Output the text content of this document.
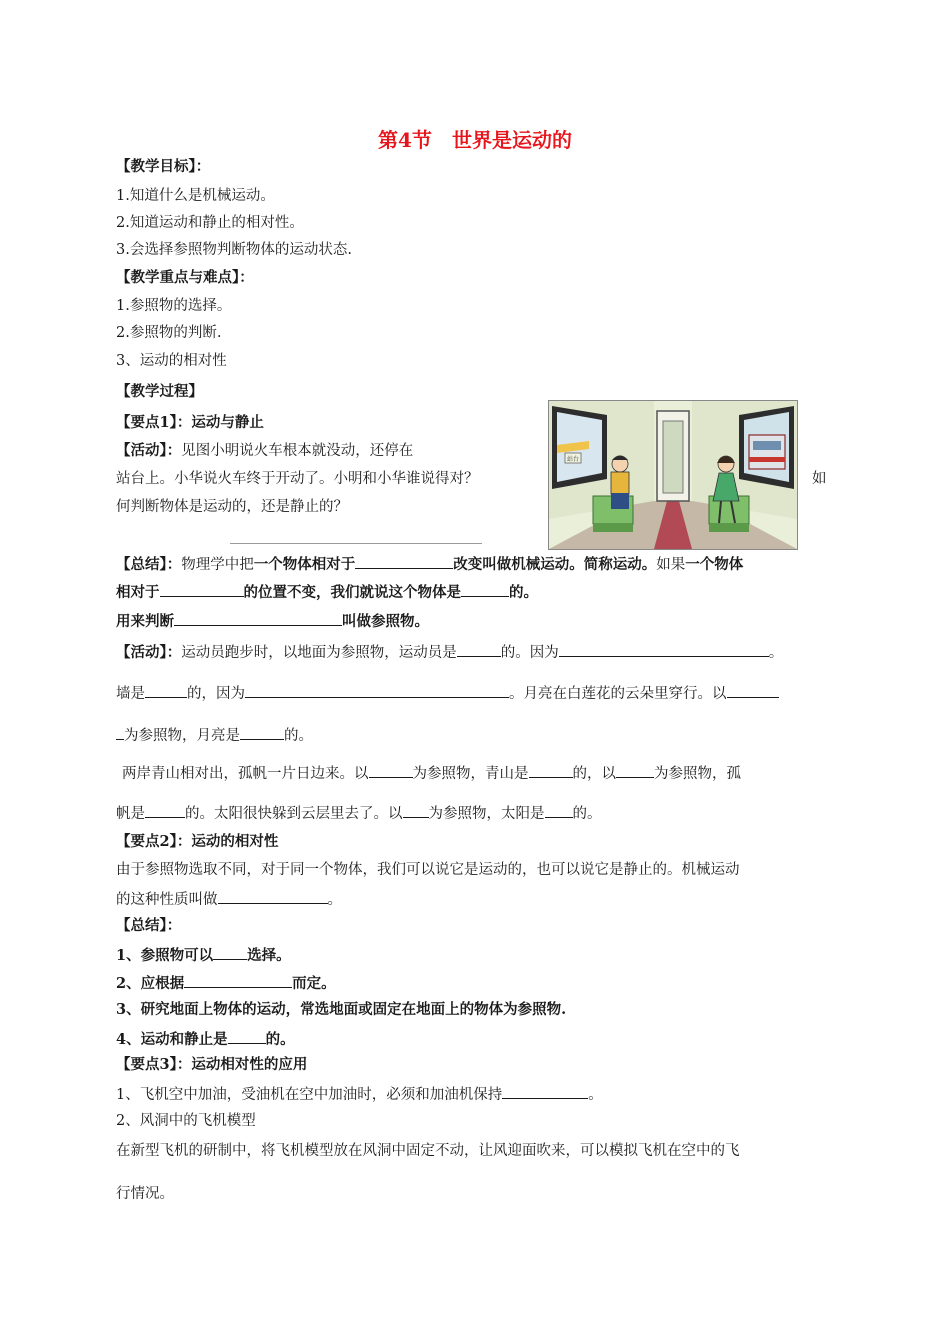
第4节 世界是运动的
【教学目标】：
1.知道什么是机械运动。
2.知道运动和静止的相对性。
3.会选择参照物判断物体的运动状态.
【教学重点与难点】：
1.参照物的选择。
2.参照物的判断.
3、运动的相对性
【教学过程】
【要点1】：运动与静止
【活动】：见图小明说火车根本就没动，还停在
站台上。小华说火车终于开动了。小明和小华谁说得对？	如
何判断物体是运动的，还是静止的？
站台
【总结】：物理学中把一个物体相对于	改变叫做机械运动。简称运动。如果一个物体
相对于	的位置不变，我们就说这个物体是	的。
用来判断	叫做参照物。
【活动】：运动员跑步时，以地面为参照物，运动员是	的。因为	。
墙是	的，因为	。月亮在白莲花的云朵里穿行。以
为参照物，月亮是	的。
两岸青山相对出，孤帆一片日边来。以	为参照物，青山是	的，以	为参照物，孤
帆是	的。太阳很快躲到云层里去了。以 为参照物，太阳是 的。
【要点2】：运动的相对性
由于参照物选取不同，对于同一个物体，我们可以说它是运动的，也可以说它是静止的。机械运动
的这种性质叫做	。
【总结】：
1、参照物可以 选择。
2、应根据	而定。
3、研究地面上物体的运动，常选地面或固定在地面上的物体为参照物.
4、运动和静止是	的。
【要点3】：运动相对性的应用
1、飞机空中加油，受油机在空中加油时，必须和加油机保持	。
2、风洞中的飞机模型
在新型飞机的研制中，将飞机模型放在风洞中固定不动，让风迎面吹来，可以模拟飞机在空中的飞
行情况。
